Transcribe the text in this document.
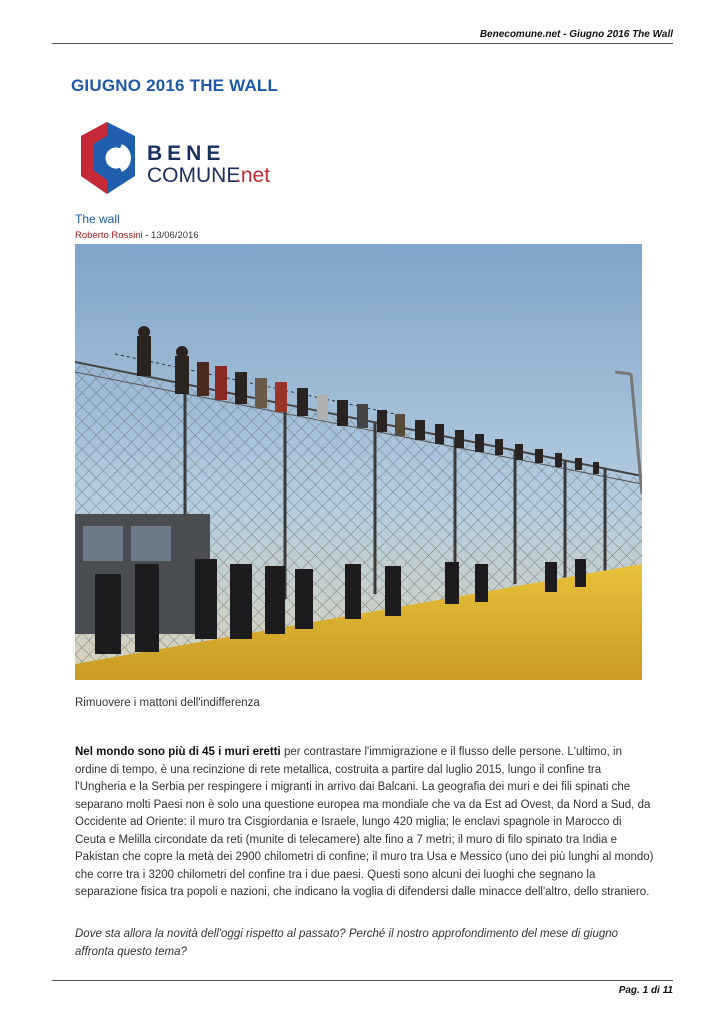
Benecomune.net - Giugno 2016 The Wall
GIUGNO 2016 THE WALL
BENE
COMUNE
.net
The wall
Roberto Rossini - 13/06/2016
Rimuovere i mattoni dell'indifferenza

Nel mondo sono più di 45 i muri eretti per contrastare l'immigrazione e il flusso delle persone. L'ultimo, in ordine di tempo, è una recinzione di rete metallica, costruita a partire dal luglio 2015, lungo il confine tra l'Ungheria e la Serbia per respingere i migranti in arrivo dai Balcani. La geografia dei muri e dei fili spinati che separano molti Paesi non è solo una questione europea ma mondiale che va da Est ad Ovest, da Nord a Sud, da Occidente ad Oriente: il muro tra Cisgiordania e Israele, lungo 420 miglia; le enclavi spagnole in Marocco di Ceuta e Melilla circondate da reti (munite di telecamere) alte fino a 7 metri; il muro di filo spinato tra India e Pakistan che copre la metà dei 2900 chilometri di confine; il muro tra Usa e Messico (uno dei più lunghi al mondo) che corre tra i 3200 chilometri del confine tra i due paesi. Questi sono alcuni dei luoghi che segnano la separazione fisica tra popoli e nazioni, che indicano la voglia di difendersi dalle minacce dell'altro, dello straniero.

Dove sta allora la novità dell'oggi rispetto al passato? Perché il nostro approfondimento del mese di giugno affronta questo tema?

Pag. 1 di 11
